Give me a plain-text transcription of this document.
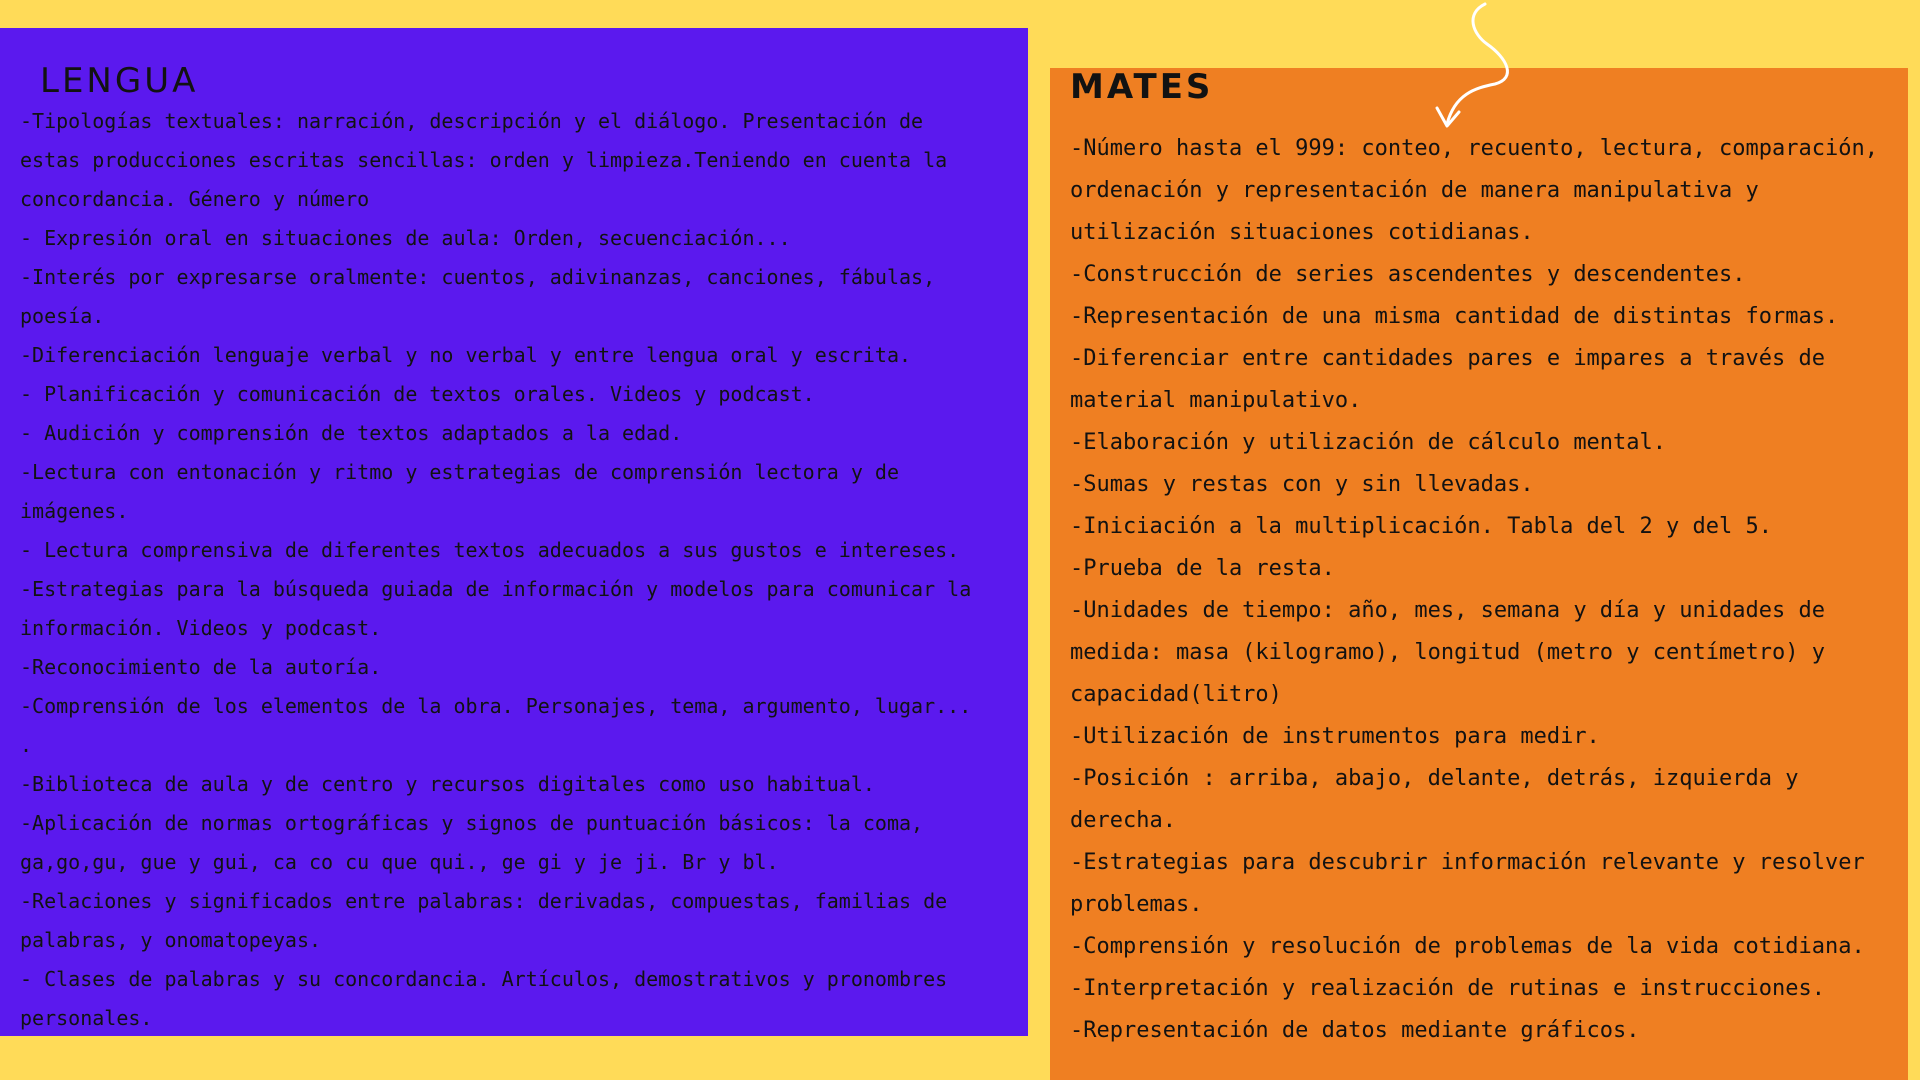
LENGUA
-Tipologías textuales: narración, descripción y el diálogo. Presentación de estas producciones escritas sencillas: orden y limpieza.Teniendo en cuenta la concordancia. Género y número
- Expresión oral en situaciones de aula: Orden, secuenciación...
-Interés por expresarse oralmente: cuentos, adivinanzas, canciones, fábulas, poesía.
-Diferenciación lenguaje verbal y no verbal y entre lengua oral y escrita.
- Planificación y comunicación de textos orales. Videos y podcast.
- Audición y comprensión de textos adaptados a la edad.
-Lectura con entonación y ritmo y estrategias de comprensión lectora y de imágenes.
- Lectura comprensiva de diferentes textos adecuados a sus gustos e intereses.
-Estrategias para la búsqueda guiada de información y modelos para comunicar la información. Videos y podcast.
-Reconocimiento de la autoría.
-Comprensión de los elementos de la obra. Personajes, tema, argumento, lugar... .
-Biblioteca de aula y de centro y recursos digitales como uso habitual.
-Aplicación de normas ortográficas y signos de puntuación básicos: la coma, ga,go,gu, gue y gui, ca co cu que qui., ge gi y je ji. Br y bl.
-Relaciones y significados entre palabras: derivadas, compuestas, familias de palabras, y onomatopeyas.
- Clases de palabras y su concordancia. Artículos, demostrativos y pronombres personales.
MATES
-Número hasta el 999: conteo, recuento, lectura, comparación, ordenación y representación de manera manipulativa y utilización situaciones cotidianas.
-Construcción de series ascendentes y descendentes.
-Representación de una misma cantidad de distintas formas.
-Diferenciar entre cantidades pares e impares a través de material manipulativo.
-Elaboración y utilización de cálculo mental.
-Sumas y restas con y sin llevadas.
-Iniciación a la multiplicación. Tabla del 2 y del 5.
-Prueba de la resta.
-Unidades de tiempo: año, mes, semana y día y unidades de medida: masa (kilogramo), longitud (metro y centímetro) y capacidad(litro)
-Utilización de instrumentos para medir.
-Posición : arriba, abajo, delante, detrás, izquierda y derecha.
-Estrategias para descubrir información relevante y resolver problemas.
-Comprensión y resolución de problemas de la vida cotidiana.
-Interpretación y realización de rutinas e instrucciones.
-Representación de datos mediante gráficos.
